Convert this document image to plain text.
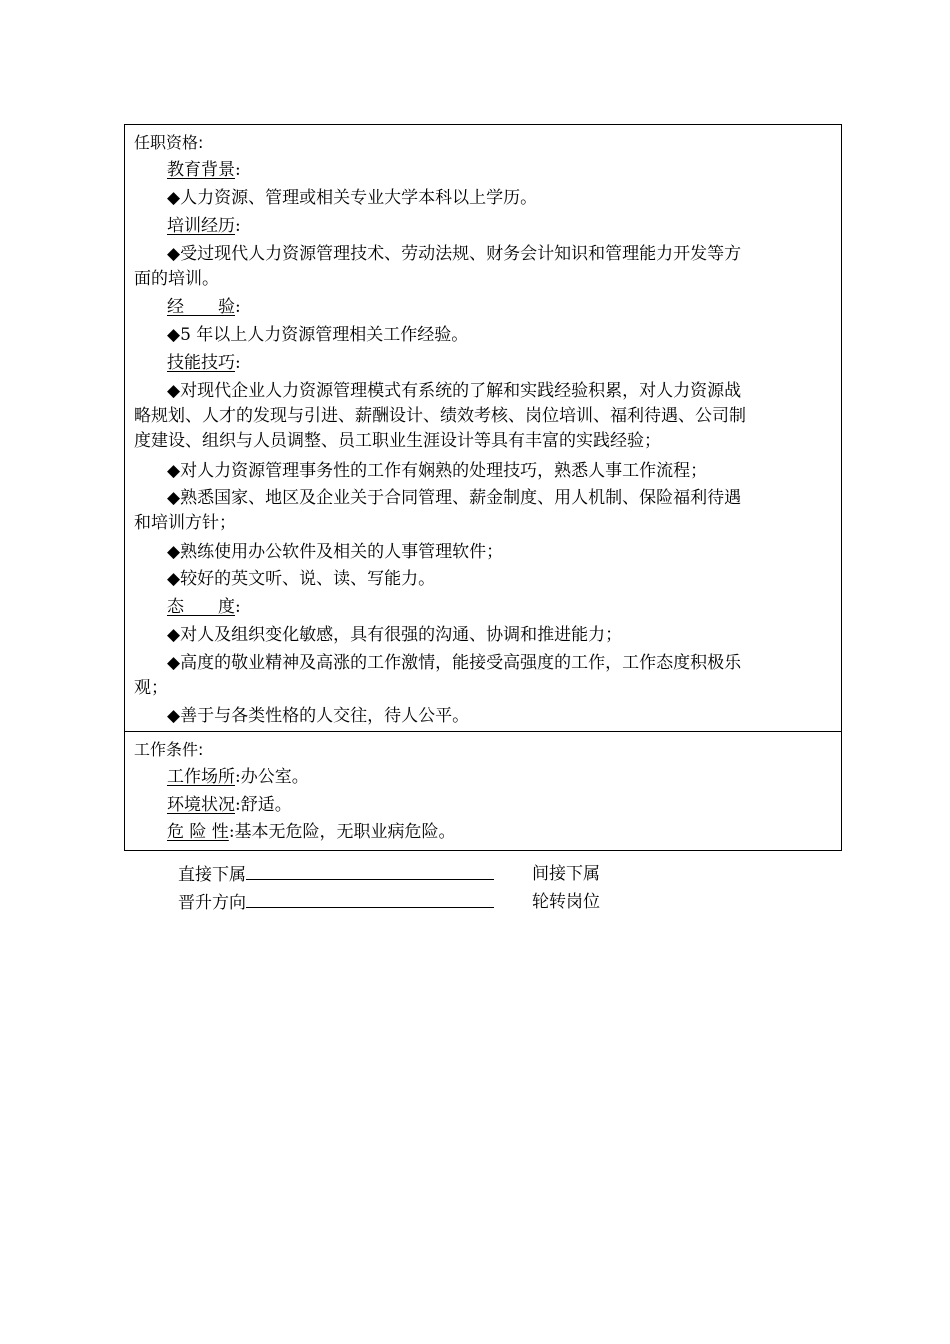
任职资格:
教育背景:
◆人力资源、管理或相关专业大学本科以上学历。
培训经历:
◆受过现代人力资源管理技术、劳动法规、财务会计知识和管理能力开发等方
面的培训。
经　　验:
◆5 年以上人力资源管理相关工作经验。
技能技巧:
◆对现代企业人力资源管理模式有系统的了解和实践经验积累，对人力资源战
略规划、人才的发现与引进、薪酬设计、绩效考核、岗位培训、福利待遇、公司制
度建设、组织与人员调整、员工职业生涯设计等具有丰富的实践经验；
◆对人力资源管理事务性的工作有娴熟的处理技巧，熟悉人事工作流程；
◆熟悉国家、地区及企业关于合同管理、薪金制度、用人机制、保险福利待遇
和培训方针；
◆熟练使用办公软件及相关的人事管理软件；
◆较好的英文听、说、读、写能力。
态　　度:
◆对人及组织变化敏感，具有很强的沟通、协调和推进能力；
◆高度的敬业精神及高涨的工作激情，能接受高强度的工作，工作态度积极乐
观；
◆善于与各类性格的人交往，待人公平。
工作条件:
工作场所:办公室。
环境状况:舒适。
危 险 性:基本无危险，无职业病危险。
直接下属	间接下属
晋升方向	轮转岗位
